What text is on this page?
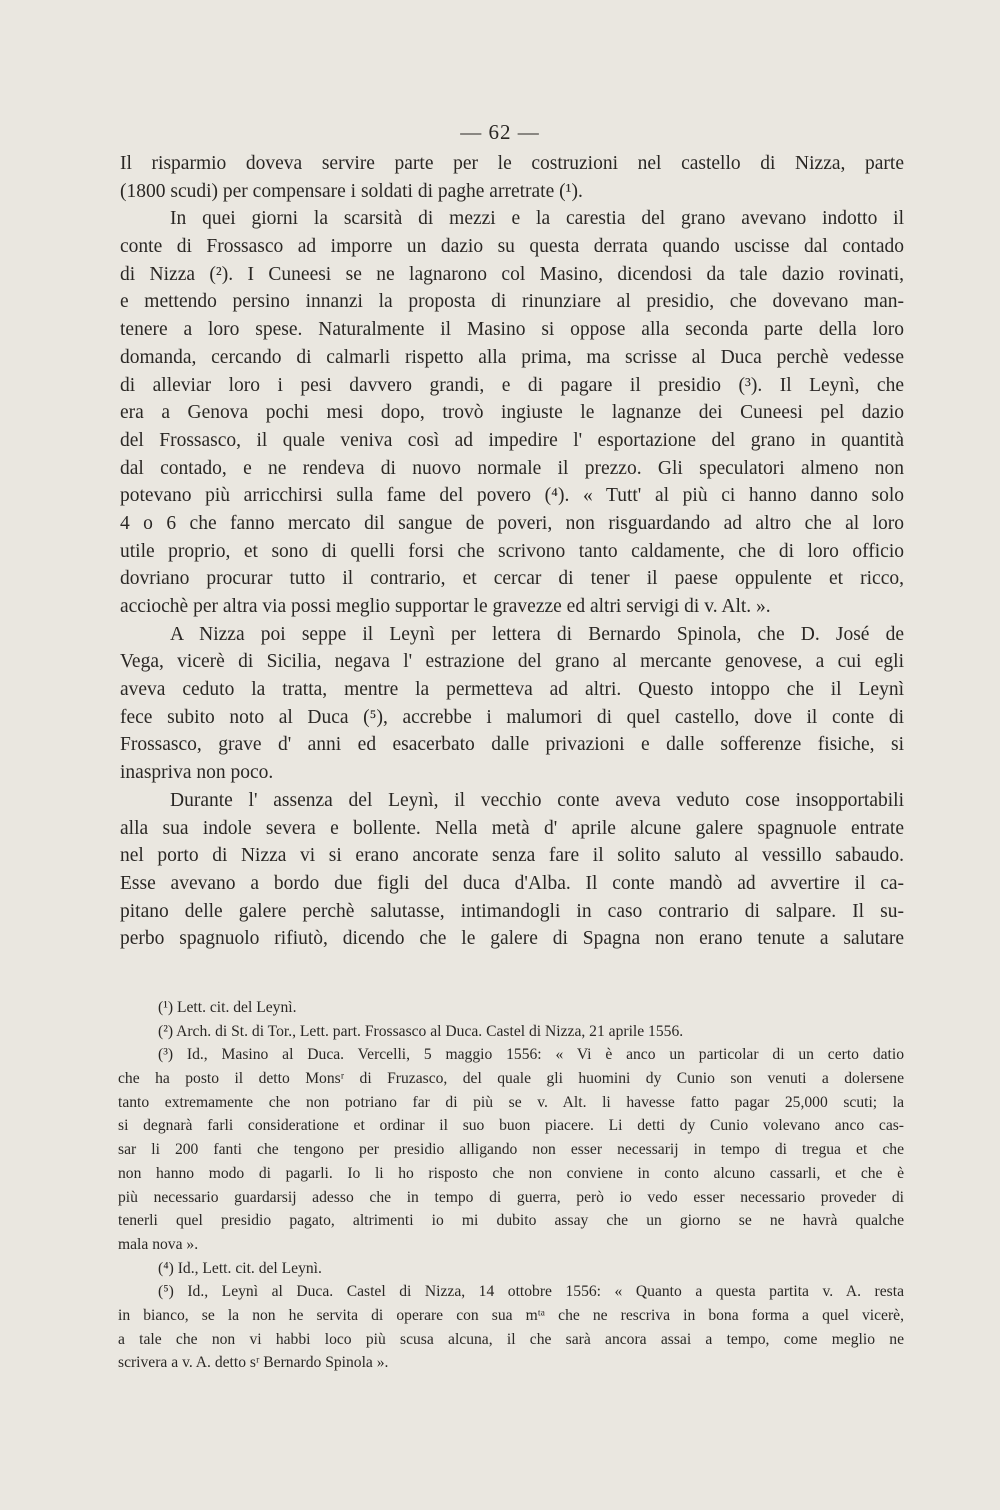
— 62 —
Il risparmio doveva servire parte per le costruzioni nel castello di Nizza, parte
(1800 scudi) per compensare i soldati di paghe arretrate (¹).
In quei giorni la scarsità di mezzi e la carestia del grano avevano indotto il
conte di Frossasco ad imporre un dazio su questa derrata quando uscisse dal contado
di Nizza (²). I Cuneesi se ne lagnarono col Masino, dicendosi da tale dazio rovinati,
e mettendo persino innanzi la proposta di rinunziare al presidio, che dovevano man-
tenere a loro spese. Naturalmente il Masino si oppose alla seconda parte della loro
domanda, cercando di calmarli rispetto alla prima, ma scrisse al Duca perchè vedesse
di alleviar loro i pesi davvero grandi, e di pagare il presidio (³). Il Leynì, che
era a Genova pochi mesi dopo, trovò ingiuste le lagnanze dei Cuneesi pel dazio
del Frossasco, il quale veniva così ad impedire l' esportazione del grano in quantità
dal contado, e ne rendeva di nuovo normale il prezzo. Gli speculatori almeno non
potevano più arricchirsi sulla fame del povero (⁴). « Tutt' al più ci hanno danno solo
4 o 6 che fanno mercato dil sangue de poveri, non risguardando ad altro che al loro
utile proprio, et sono di quelli forsi che scrivono tanto caldamente, che di loro officio
dovriano procurar tutto il contrario, et cercar di tener il paese oppulente et ricco,
acciochè per altra via possi meglio supportar le gravezze ed altri servigi di v. Alt. ».
A Nizza poi seppe il Leynì per lettera di Bernardo Spinola, che D. José de
Vega, vicerè di Sicilia, negava l' estrazione del grano al mercante genovese, a cui egli
aveva ceduto la tratta, mentre la permetteva ad altri. Questo intoppo che il Leynì
fece subito noto al Duca (⁵), accrebbe i malumori di quel castello, dove il conte di
Frossasco, grave d' anni ed esacerbato dalle privazioni e dalle sofferenze fisiche, si
inaspriva non poco.
Durante l' assenza del Leynì, il vecchio conte aveva veduto cose insopportabili
alla sua indole severa e bollente. Nella metà d' aprile alcune galere spagnuole entrate
nel porto di Nizza vi si erano ancorate senza fare il solito saluto al vessillo sabaudo.
Esse avevano a bordo due figli del duca d'Alba. Il conte mandò ad avvertire il ca-
pitano delle galere perchè salutasse, intimandogli in caso contrario di salpare. Il su-
perbo spagnuolo rifiutò, dicendo che le galere di Spagna non erano tenute a salutare
(¹) Lett. cit. del Leynì.
(²) Arch. di St. di Tor., Lett. part. Frossasco al Duca. Castel di Nizza, 21 aprile 1556.
(³) Id., Masino al Duca. Vercelli, 5 maggio 1556: « Vi è anco un particolar di un certo datio
che ha posto il detto Monsʳ di Fruzasco, del quale gli huomini dy Cunio son venuti a dolersene
tanto extremamente che non potriano far di più se v. Alt. li havesse fatto pagar 25,000 scuti; la
si degnarà farli consideratione et ordinar il suo buon piacere. Li detti dy Cunio volevano anco cas-
sar li 200 fanti che tengono per presidio alligando non esser necessarij in tempo di tregua et che
non hanno modo di pagarli. Io li ho risposto che non conviene in conto alcuno cassarli, et che è
più necessario guardarsij adesso che in tempo di guerra, però io vedo esser necessario proveder di
tenerli quel presidio pagato, altrimenti io mi dubito assay che un giorno se ne havrà qualche
mala nova ».
(⁴) Id., Lett. cit. del Leynì.
(⁵) Id., Leynì al Duca. Castel di Nizza, 14 ottobre 1556: « Quanto a questa partita v. A. resta
in bianco, se la non he servita di operare con sua mᵗᵃ che ne rescriva in bona forma a quel vicerè,
a tale che non vi habbi loco più scusa alcuna, il che sarà ancora assai a tempo, come meglio ne
scrivera a v. A. detto sʳ Bernardo Spinola ».
